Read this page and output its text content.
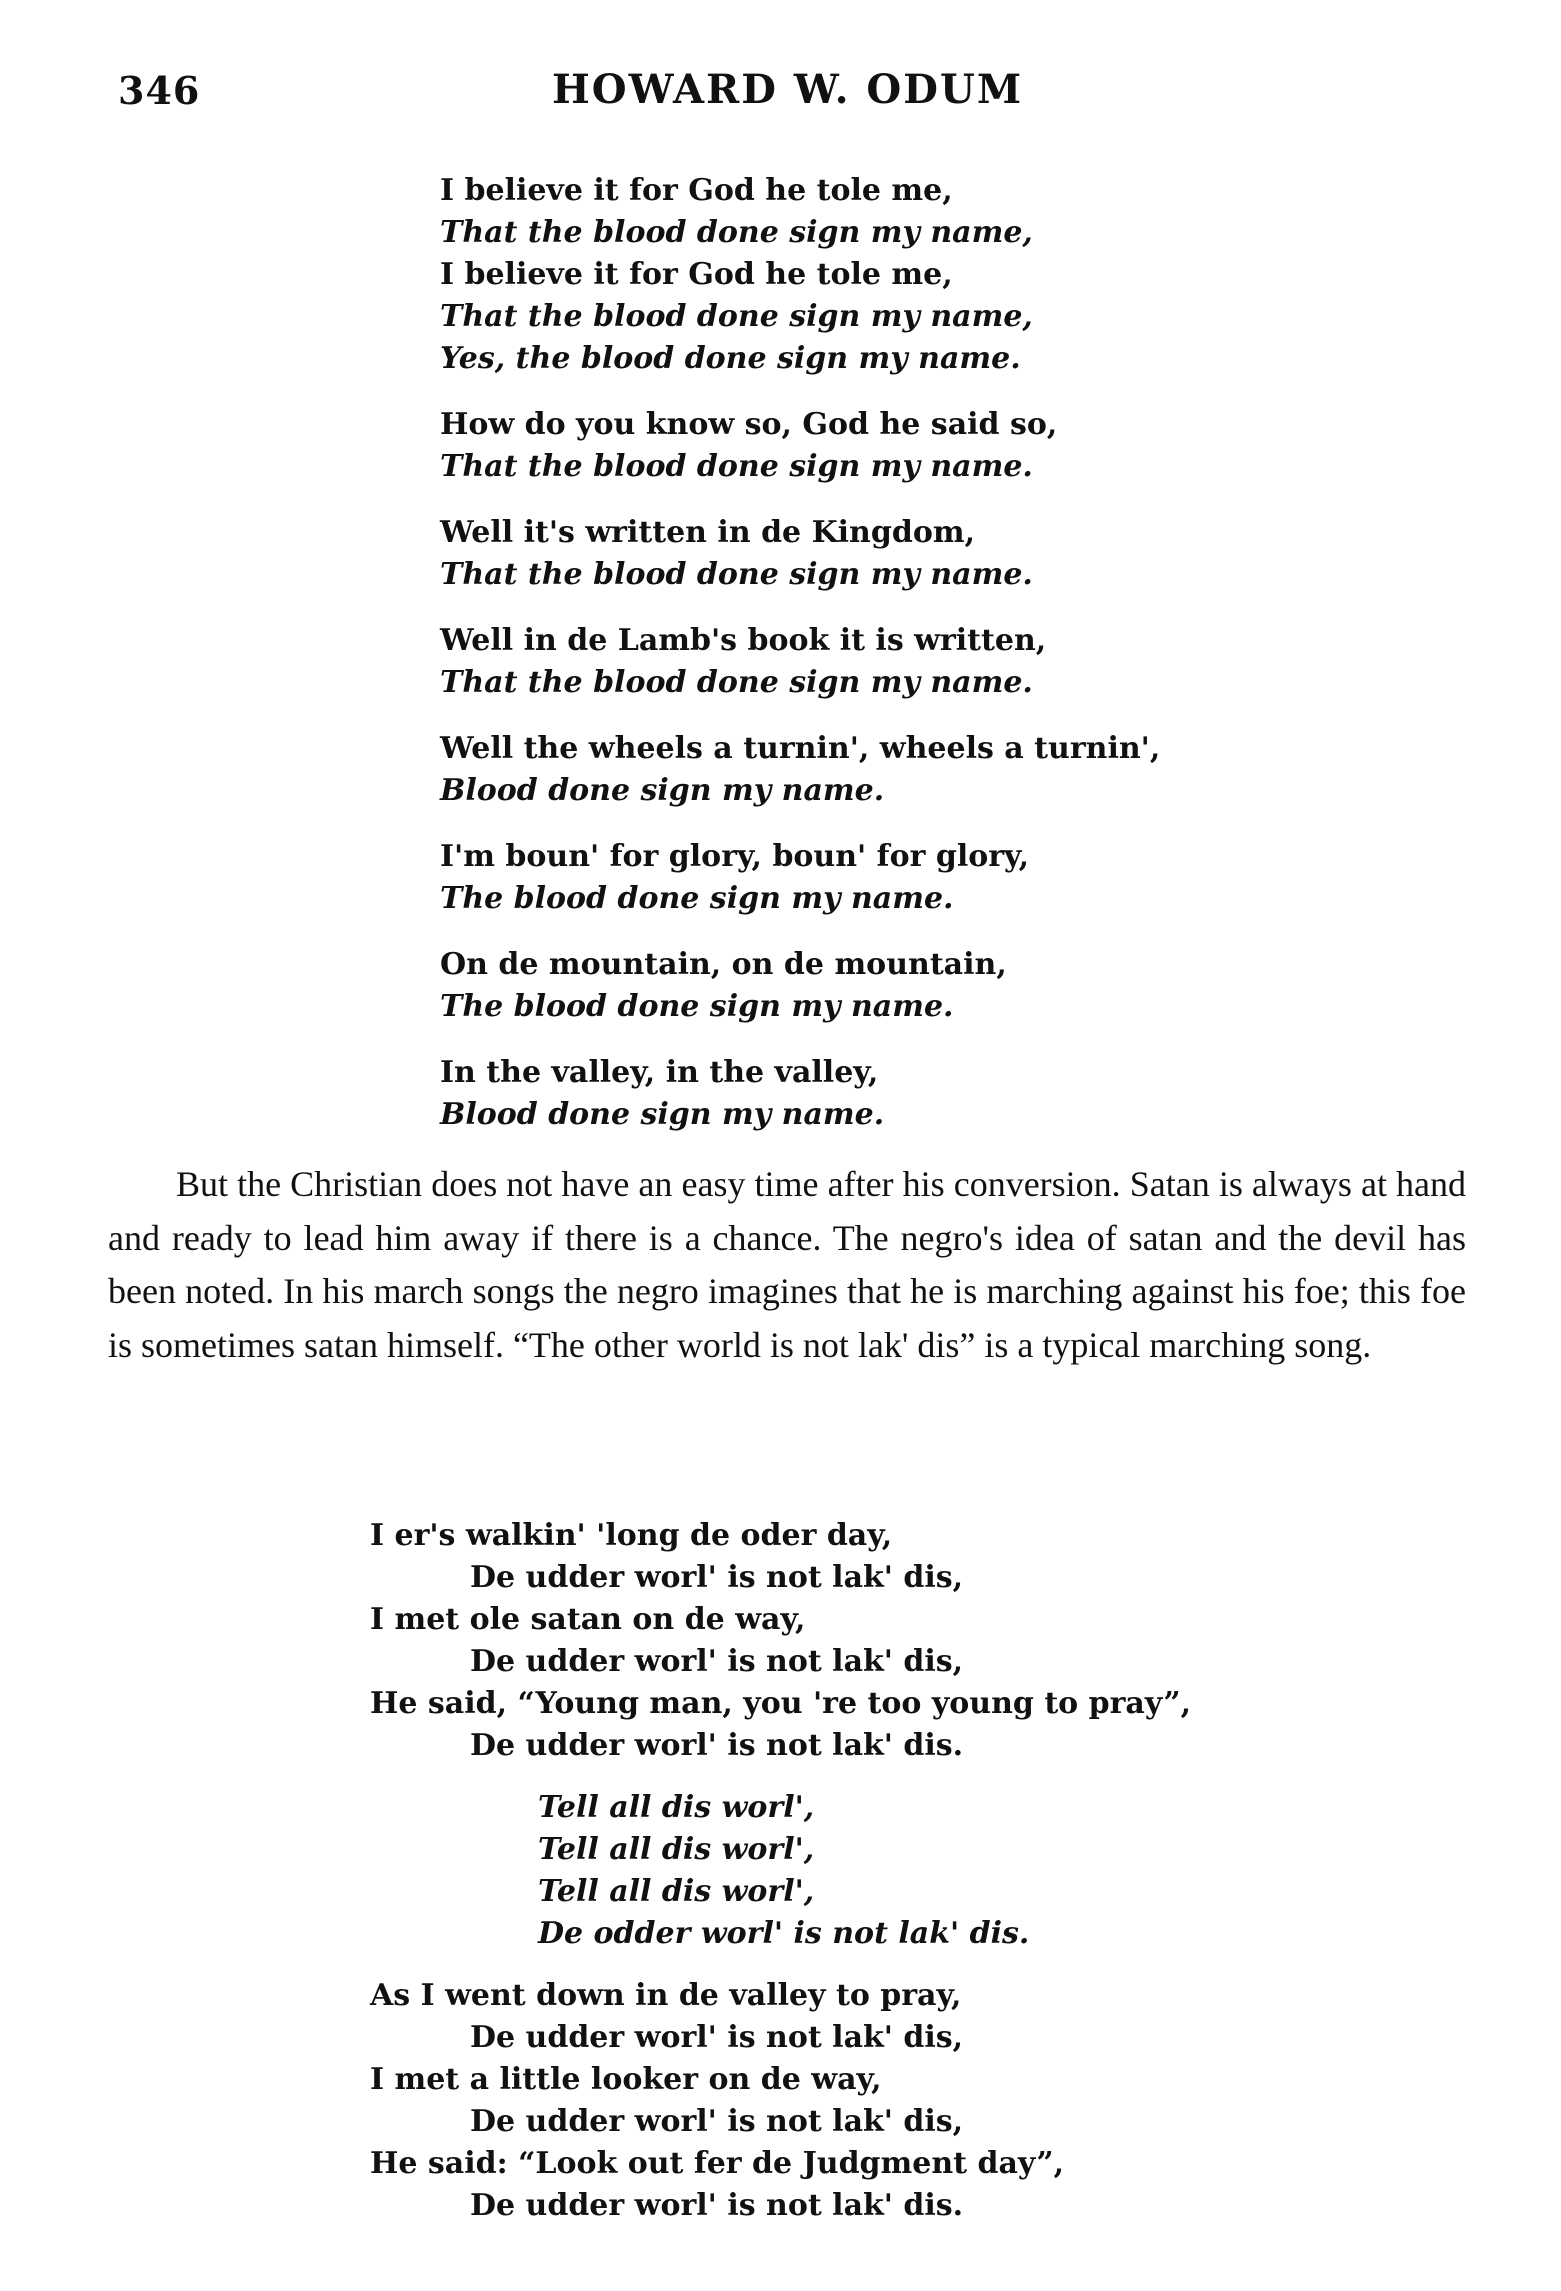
346	HOWARD W. ODUM
I believe it for God he tole me,
That the blood done sign my name,
I believe it for God he tole me,
That the blood done sign my name,
Yes, the blood done sign my name.
How do you know so, God he said so,
That the blood done sign my name.
Well it's written in de Kingdom,
That the blood done sign my name.
Well in de Lamb's book it is written,
That the blood done sign my name.
Well the wheels a turnin', wheels a turnin',
Blood done sign my name.
I'm boun' for glory, boun' for glory,
The blood done sign my name.
On de mountain, on de mountain,
The blood done sign my name.
In the valley, in the valley,
Blood done sign my name.

But the Christian does not have an easy time after his conversion. Satan is always at hand and ready to lead him away if there is a chance. The negro's idea of satan and the devil has been noted. In his march songs the negro imagines that he is marching against his foe; this foe is sometimes satan himself. “The other world is not lak' dis” is a typical marching song.

I er's walkin' 'long de oder day,
De udder worl' is not lak' dis,
I met ole satan on de way,
De udder worl' is not lak' dis,
He said, “Young man, you 're too young to pray”,
De udder worl' is not lak' dis.
Tell all dis worl',
Tell all dis worl',
Tell all dis worl',
De odder worl' is not lak' dis.
As I went down in de valley to pray,
De udder worl' is not lak' dis,
I met a little looker on de way,
De udder worl' is not lak' dis,
He said: “Look out fer de Judgment day”,
De udder worl' is not lak' dis.
